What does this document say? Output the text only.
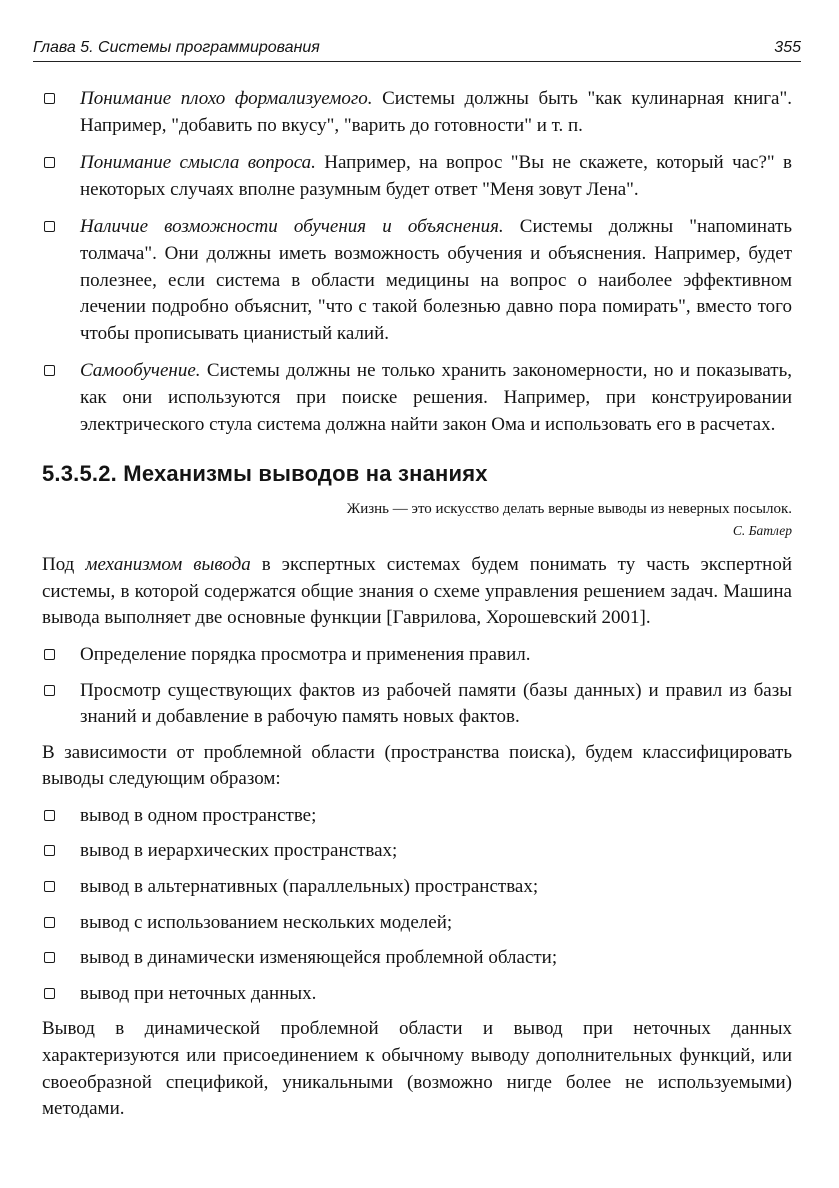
Глава 5. Системы программирования	355
Понимание плохо формализуемого. Системы должны быть "как кулинарная книга". Например, "добавить по вкусу", "варить до готовности" и т. п.
Понимание смысла вопроса. Например, на вопрос "Вы не скажете, который час?" в некоторых случаях вполне разумным будет ответ "Меня зовут Лена".
Наличие возможности обучения и объяснения. Системы должны "напоминать толмача". Они должны иметь возможность обучения и объяснения. Например, будет полезнее, если система в области медицины на вопрос о наиболее эффективном лечении подробно объяснит, "что с такой болезнью давно пора помирать", вместо того чтобы прописывать цианистый калий.
Самообучение. Системы должны не только хранить закономерности, но и показывать, как они используются при поиске решения. Например, при конструировании электрического стула система должна найти закон Ома и использовать его в расчетах.
5.3.5.2. Механизмы выводов на знаниях
Жизнь — это искусство делать верные выводы из неверных посылок.
С. Батлер
Под механизмом вывода в экспертных системах будем понимать ту часть экспертной системы, в которой содержатся общие знания о схеме управления решением задач. Машина вывода выполняет две основные функции [Гаврилова, Хорошевский 2001].
Определение порядка просмотра и применения правил.
Просмотр существующих фактов из рабочей памяти (базы данных) и правил из базы знаний и добавление в рабочую память новых фактов.
В зависимости от проблемной области (пространства поиска), будем классифицировать выводы следующим образом:
вывод в одном пространстве;
вывод в иерархических пространствах;
вывод в альтернативных (параллельных) пространствах;
вывод с использованием нескольких моделей;
вывод в динамически изменяющейся проблемной области;
вывод при неточных данных.
Вывод в динамической проблемной области и вывод при неточных данных характеризуются или присоединением к обычному выводу дополнительных функций, или своеобразной спецификой, уникальными (возможно нигде более не используемыми) методами.
